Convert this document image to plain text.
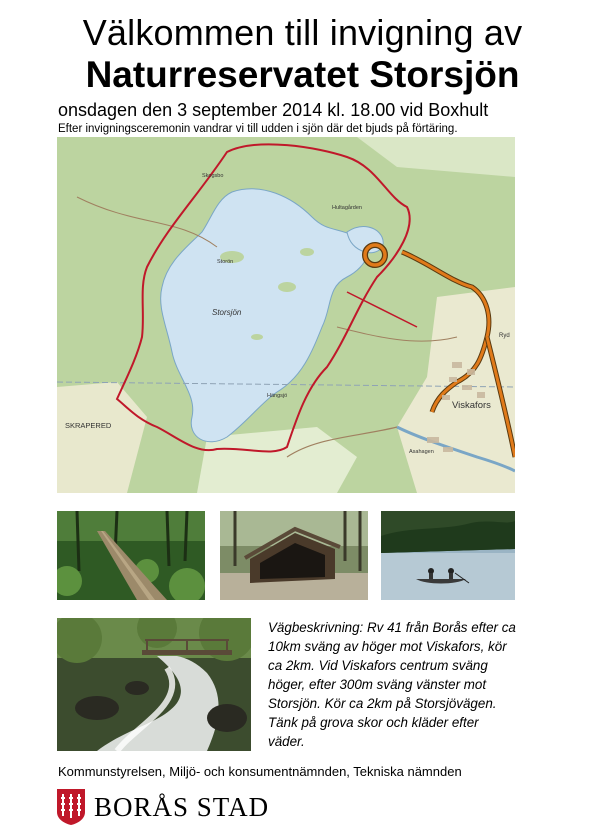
Välkommen till invigning av
Naturreservatet Storsjön
onsdagen den 3 september 2014 kl. 18.00 vid Boxhult
Efter invigningsceremonin vandrar vi till udden i sjön där det bjuds på förtäring.
Storsjön
SKRAPERED
Viskafors
Storön
Hängsjö
Skogsbo
Asahagen
Hultagården
Ryd
Vägbeskrivning: Rv 41 från Borås efter ca 10km sväng av höger mot Viskafors, kör ca 2km. Vid Viskafors centrum sväng höger, efter 300m sväng vänster mot Storsjön. Kör ca 2km på Storsjövägen. Tänk på grova skor och kläder efter väder.
Kommunstyrelsen, Miljö- och konsumentnämnden, Tekniska nämnden
BORÅS STAD
